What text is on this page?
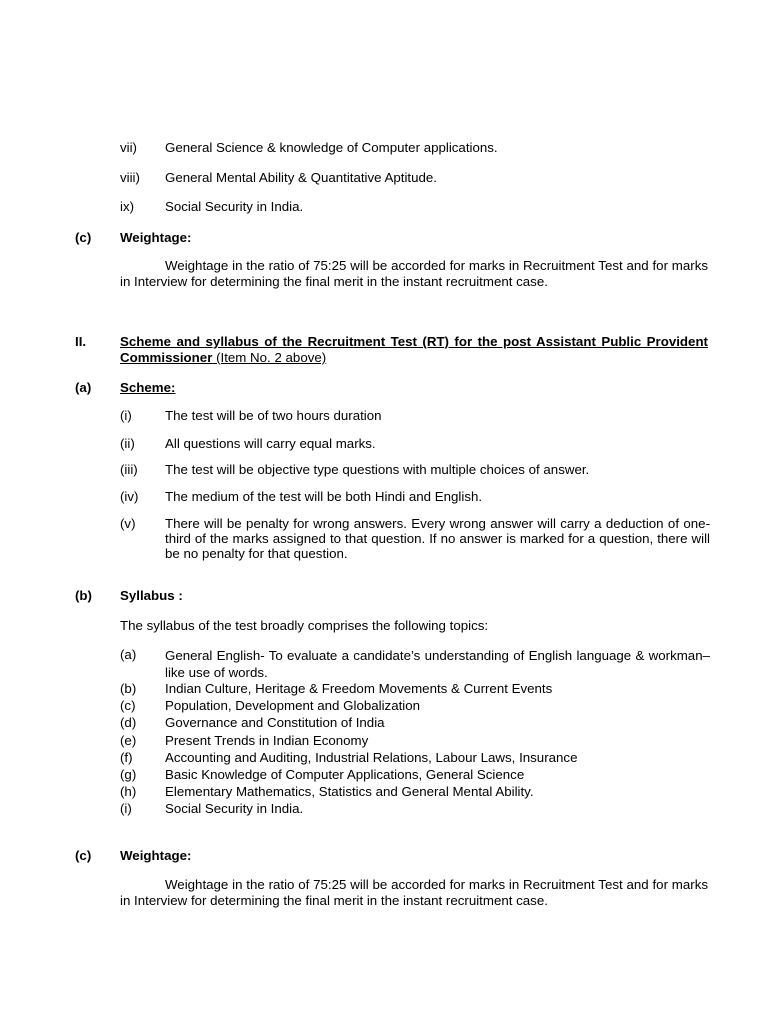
vii) General Science & knowledge of Computer applications.
viii) General Mental Ability & Quantitative Aptitude.
ix) Social Security in India.
(c) Weightage:
Weightage in the ratio of 75:25 will be accorded for marks in Recruitment Test and for marks in Interview for determining the final merit in the instant recruitment case.
II.	Scheme and syllabus of the Recruitment Test (RT) for the post Assistant Public Provident Commissioner (Item No. 2 above)
(a) Scheme:
(i) The test will be of two hours duration
(ii) All questions will carry equal marks.
(iii) The test will be objective type questions with multiple choices of answer.
(iv) The medium of the test will be both Hindi and English.
(v) There will be penalty for wrong answers. Every wrong answer will carry a deduction of one-third of the marks assigned to that question. If no answer is marked for a question, there will be no penalty for that question.
(b) Syllabus :
The syllabus of the test broadly comprises the following topics:
(a) General English- To evaluate a candidate’s understanding of English language & workman–like use of words.
(b) Indian Culture, Heritage & Freedom Movements & Current Events
(c) Population, Development and Globalization
(d) Governance and Constitution of India
(e) Present Trends in Indian Economy
(f) Accounting and Auditing, Industrial Relations, Labour Laws, Insurance
(g) Basic Knowledge of Computer Applications, General Science
(h) Elementary Mathematics, Statistics and General Mental Ability.
(i) Social Security in India.
(c) Weightage:
Weightage in the ratio of 75:25 will be accorded for marks in Recruitment Test and for marks in Interview for determining the final merit in the instant recruitment case.
